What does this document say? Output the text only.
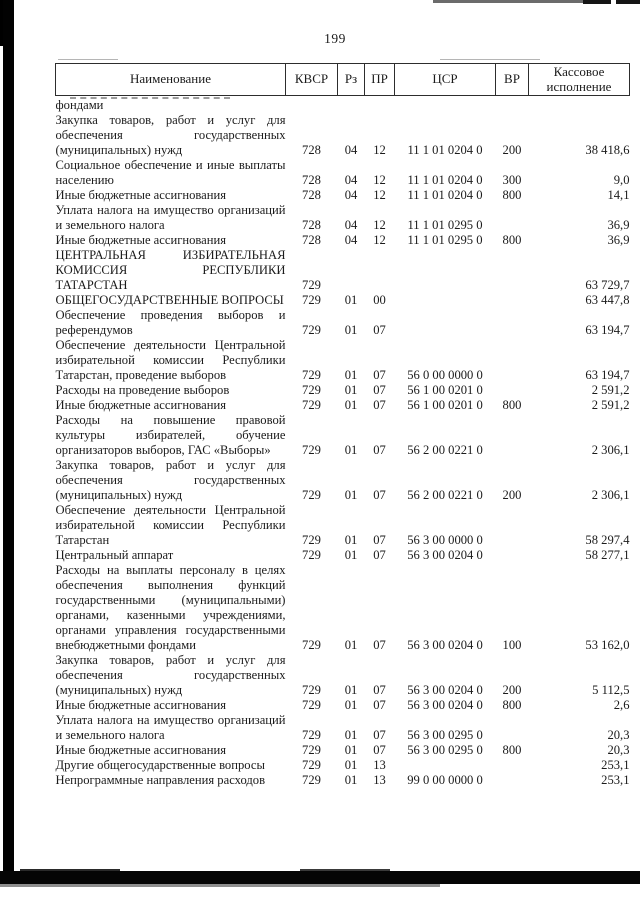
199
Наименование	КВСР	Рз	ПР	ЦСР	ВР	Кассовое исполнение
фондами						
Закупка товаров, работ и услуг для обеспечения государственных (муниципальных) нужд	728	04	12	11 1 01 0204 0	200	38 418,6
Социальное обеспечение и иные выплаты населению	728	04	12	11 1 01 0204 0	300	9,0
Иные бюджетные ассигнования	728	04	12	11 1 01 0204 0	800	14,1
Уплата налога на имущество организаций и земельного налога	728	04	12	11 1 01 0295 0		36,9
Иные бюджетные ассигнования	728	04	12	11 1 01 0295 0	800	36,9
ЦЕНТРАЛЬНАЯ ИЗБИРАТЕЛЬНАЯ КОМИССИЯ РЕСПУБЛИКИ ТАТАРСТАН	729					63 729,7
ОБЩЕГОСУДАРСТВЕННЫЕ ВОПРОСЫ	729	01	00			63 447,8
Обеспечение проведения выборов и референдумов	729	01	07			63 194,7
Обеспечение деятельности Центральной избирательной комиссии Республики Татарстан, проведение выборов	729	01	07	56 0 00 0000 0		63 194,7
Расходы на проведение выборов	729	01	07	56 1 00 0201 0		2 591,2
Иные бюджетные ассигнования	729	01	07	56 1 00 0201 0	800	2 591,2
Расходы на повышение правовой культуры избирателей, обучение организаторов выборов, ГАС «Выборы»	729	01	07	56 2 00 0221 0		2 306,1
Закупка товаров, работ и услуг для обеспечения государственных (муниципальных) нужд	729	01	07	56 2 00 0221 0	200	2 306,1
Обеспечение деятельности Центральной избирательной комиссии Республики Татарстан	729	01	07	56 3 00 0000 0		58 297,4
Центральный аппарат	729	01	07	56 3 00 0204 0		58 277,1
Расходы на выплаты персоналу в целях обеспечения выполнения функций государственными (муниципальными) органами, казенными учреждениями, органами управления государственными внебюджетными фондами	729	01	07	56 3 00 0204 0	100	53 162,0
Закупка товаров, работ и услуг для обеспечения государственных (муниципальных) нужд	729	01	07	56 3 00 0204 0	200	5 112,5
Иные бюджетные ассигнования	729	01	07	56 3 00 0204 0	800	2,6
Уплата налога на имущество организаций и земельного налога	729	01	07	56 3 00 0295 0		20,3
Иные бюджетные ассигнования	729	01	07	56 3 00 0295 0	800	20,3
Другие общегосударственные вопросы	729	01	13			253,1
Непрограммные направления расходов	729	01	13	99 0 00 0000 0		253,1
